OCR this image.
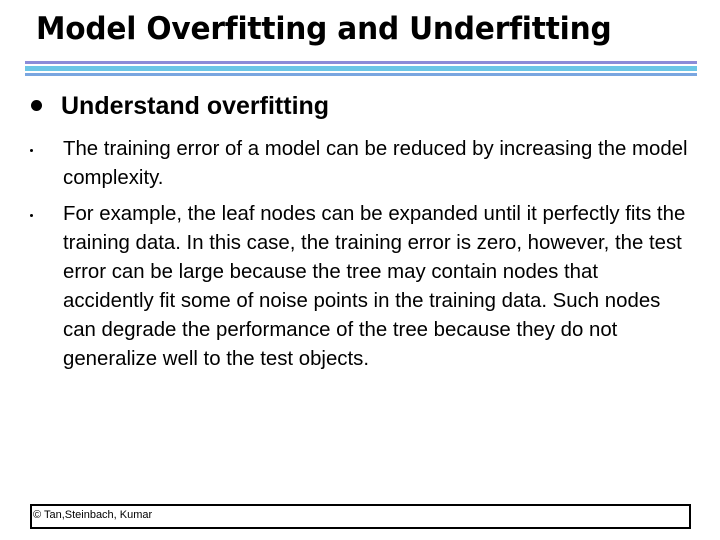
Model Overfitting and Underfitting
Understand overfitting
The training error of a model can be reduced by increasing the model complexity.
For example, the leaf nodes can be expanded until it perfectly fits the training data. In this case, the training error is zero, however, the test error can be large because the tree may contain nodes that accidently fit some of noise points in the training data. Such nodes can degrade the performance of the tree because they do not generalize well to the test objects.
© Tan,Steinbach, Kumar
